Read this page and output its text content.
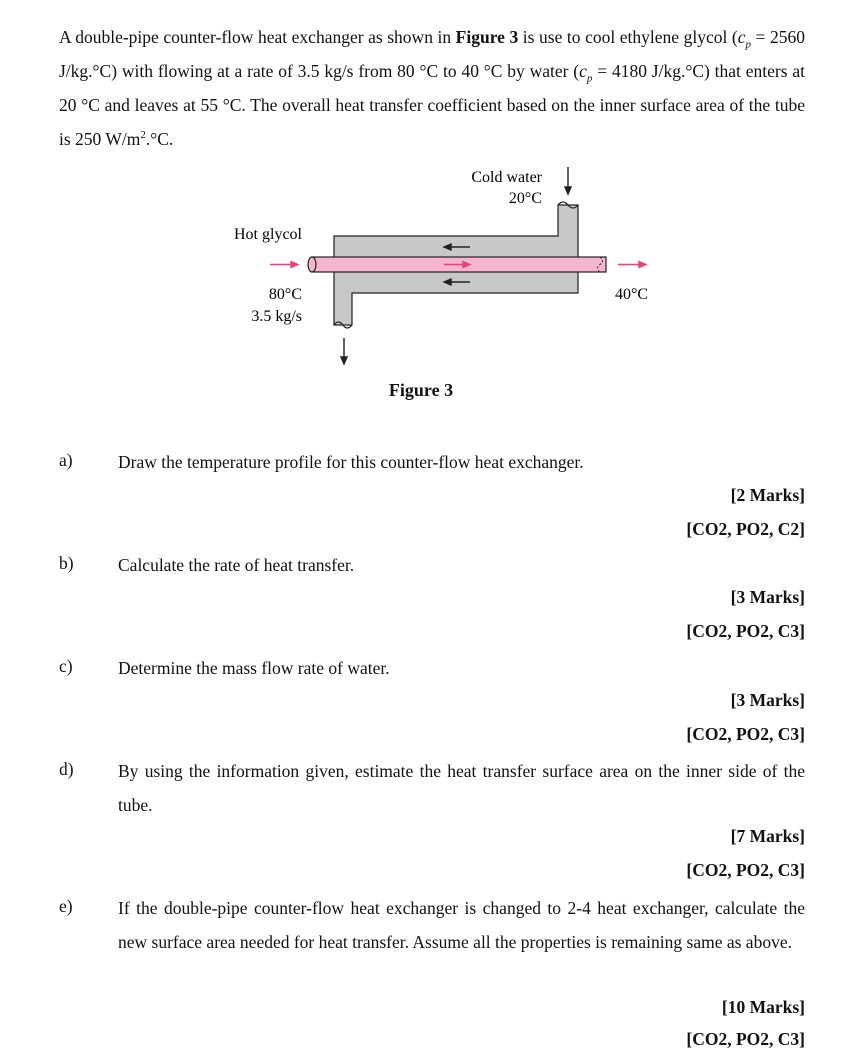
A double-pipe counter-flow heat exchanger as shown in Figure 3 is use to cool ethylene glycol ($c_p = 2560$ J/kg.°C) with flowing at a rate of 3.5 kg/s from 80 °C to 40 °C by water ($c_p = 4180$ J/kg.°C) that enters at 20 °C and leaves at 55 °C. The overall heat transfer coefficient based on the inner surface area of the tube is 250 $W/m^2.^\circ C$.
Cold water
20°C
Hot glycol
80°C
3.5 kg/s
40°C
Figure 3
a)	Draw the temperature profile for this counter-flow heat exchanger.
[2 Marks]
[CO2, PO2, C2]
b)	Calculate the rate of heat transfer.
[3 Marks]
[CO2, PO2, C3]
c)	Determine the mass flow rate of water.
[3 Marks]
[CO2, PO2, C3]
d)	By using the information given, estimate the heat transfer surface area on the inner side of the tube.
[7 Marks]
[CO2, PO2, C3]
e)	If the double-pipe counter-flow heat exchanger is changed to 2-4 heat exchanger, calculate the new surface area needed for heat transfer. Assume all the properties is remaining same as above.
[10 Marks]
[CO2, PO2, C3]
